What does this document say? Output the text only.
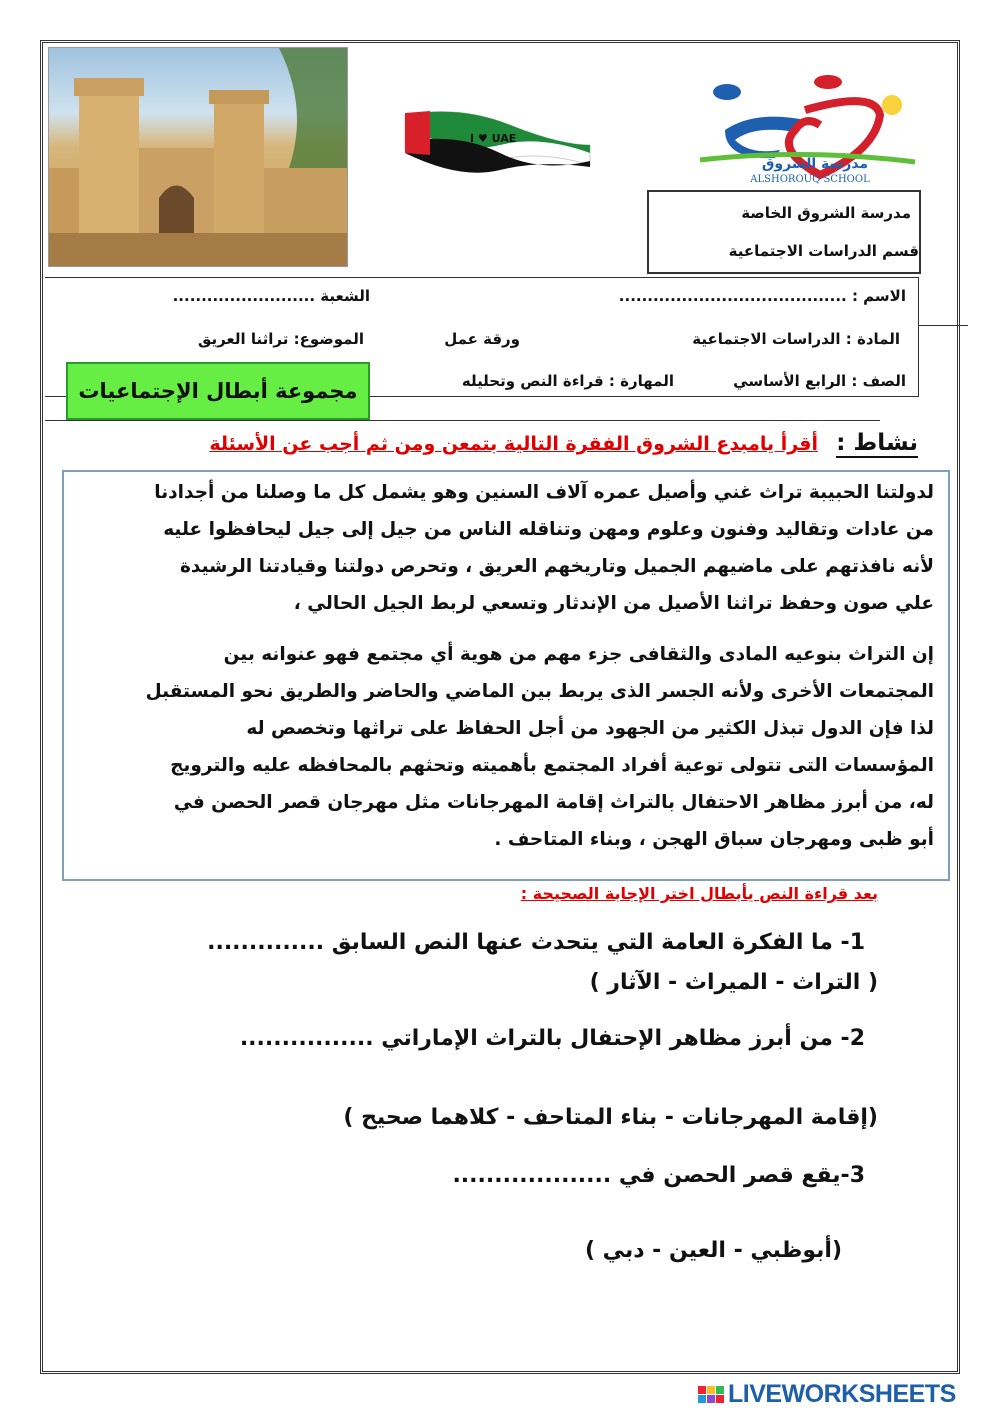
I ♥ UAE
مدرسة الشروق
ALSHOROUQ SCHOOL
مدرسة الشروق الخاصة
قسم الدراسات الاجتماعية
الاسم : ........................................
الشعبة .........................
المادة : الدراسات الاجتماعية
ورقة عمل
الموضوع: تراثنا العريق
الصف : الرابع الأساسي
المهارة : قراءة النص وتحليله
مجموعة أبطال الإجتماعيات
نشاط :
أقرأ يامبدع الشروق الفقرة التالية بتمعن ومن ثم أجب عن الأسئلة
لدولتنا الحبيبة تراث غني وأصيل عمره آلاف السنين وهو يشمل كل ما وصلنا من أجدادنا
من عادات وتقاليد وفنون وعلوم ومهن وتناقله الناس من جيل إلى جيل ليحافظوا عليه
لأنه نافذتهم على ماضيهم الجميل وتاريخهم العريق ، وتحرص دولتنا وقيادتنا الرشيدة
علي صون وحفظ تراثنا الأصيل من الإندثار وتسعي لربط الجيل الحالي ،
إن التراث بنوعيه المادى والثقافى جزء مهم من هوية أي مجتمع فهو عنوانه بين
المجتمعات الأخرى ولأنه الجسر الذى يربط بين الماضي والحاضر والطريق نحو المستقبل
لذا فإن الدول تبذل الكثير من الجهود من أجل الحفاظ على تراثها وتخصص له
المؤسسات التى تتولى توعية أفراد المجتمع بأهميته وتحثهم بالمحافظه عليه والترويج
له، من أبرز مظاهر الاحتفال بالتراث إقامة المهرجانات مثل مهرجان قصر الحصن في
أبو ظبى ومهرجان سباق الهجن ، وبناء المتاحف .
بعد قراءة النص يأبطال اختر الإجابة الصحيحة :
1- ما الفكرة العامة التي يتحدث عنها النص السابق ..............
( التراث - الميراث - الآثار )
2- من أبرز مظاهر الإحتفال بالتراث الإماراتي ................
(إقامة المهرجانات - بناء المتاحف - كلاهما صحيح )
3-يقع قصر الحصن في ...................
(أبوظبي - العين - دبي )
LIVEWORKSHEETS
